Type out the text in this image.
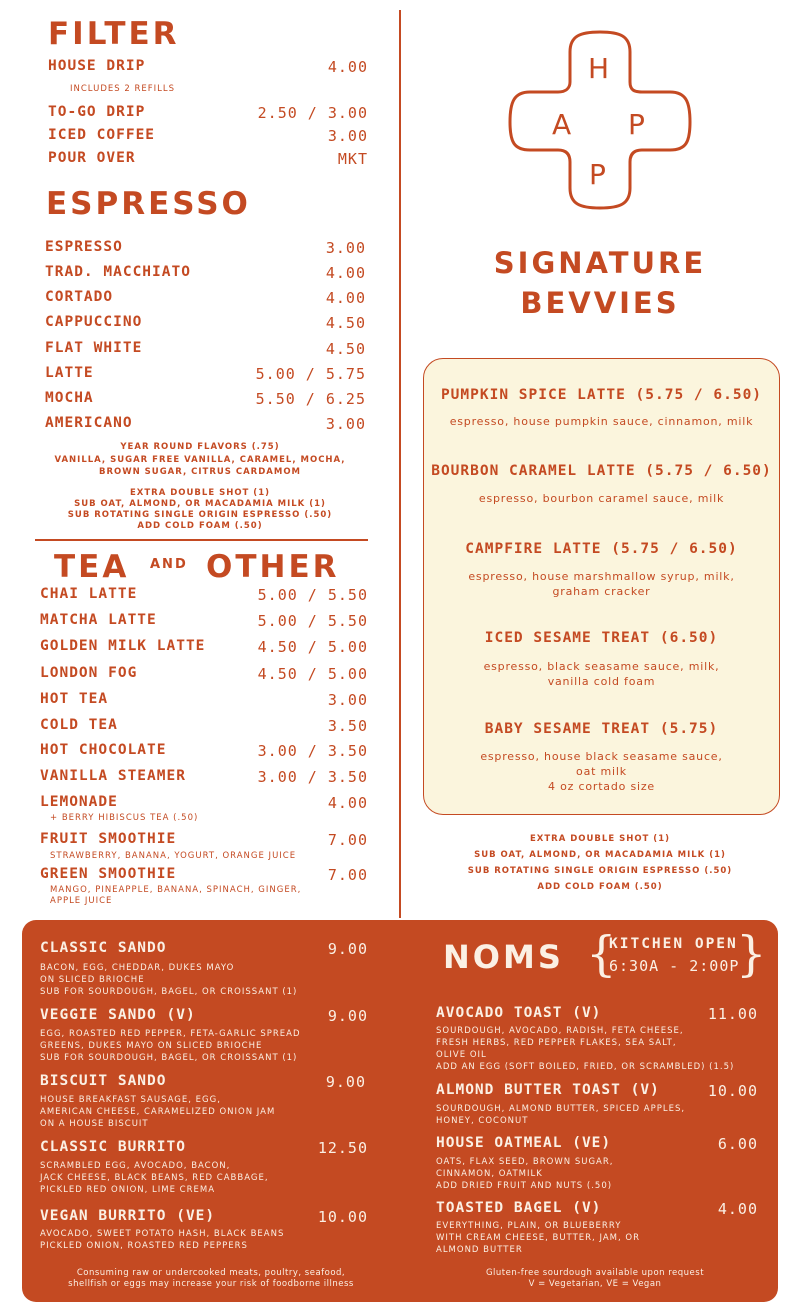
FILTER
HOUSE DRIP	4.00
INCLUDES 2 REFILLS
TO-GO DRIP	2.50 / 3.00
ICED COFFEE	3.00
POUR OVER	MKT
ESPRESSO
ESPRESSO	3.00
TRAD. MACCHIATO	4.00
CORTADO	4.00
CAPPUCCINO	4.50
FLAT WHITE	4.50
LATTE	5.00 / 5.75
MOCHA	5.50 / 6.25
AMERICANO	3.00
YEAR ROUND FLAVORS (.75)
VANILLA, SUGAR FREE VANILLA, CARAMEL, MOCHA,
BROWN SUGAR, CITRUS CARDAMOM
EXTRA DOUBLE SHOT (1)
SUB OAT, ALMOND, OR MACADAMIA MILK (1)
SUB ROTATING SINGLE ORIGIN ESPRESSO (.50)
ADD COLD FOAM (.50)
TEA AND OTHER
CHAI LATTE	5.00 / 5.50
MATCHA LATTE	5.00 / 5.50
GOLDEN MILK LATTE	4.50 / 5.00
LONDON FOG	4.50 / 5.00
HOT TEA	3.00
COLD TEA	3.50
HOT CHOCOLATE	3.00 / 3.50
VANILLA STEAMER	3.00 / 3.50
LEMONADE	4.00
+ BERRY HIBISCUS TEA (.50)
FRUIT SMOOTHIE	7.00
STRAWBERRY, BANANA, YOGURT, ORANGE JUICE
GREEN SMOOTHIE	7.00
MANGO, PINEAPPLE, BANANA, SPINACH, GINGER,
APPLE JUICE
H
A P
P
SIGNATURE
BEVVIES
PUMPKIN SPICE LATTE (5.75 / 6.50)
espresso, house pumpkin sauce, cinnamon, milk
BOURBON CARAMEL LATTE (5.75 / 6.50)
espresso, bourbon caramel sauce, milk
CAMPFIRE LATTE (5.75 / 6.50)
espresso, house marshmallow syrup, milk,
graham cracker
ICED SESAME TREAT (6.50)
espresso, black seasame sauce, milk,
vanilla cold foam
BABY SESAME TREAT (5.75)
espresso, house black seasame sauce,
oat milk
4 oz cortado size
EXTRA DOUBLE SHOT (1)
SUB OAT, ALMOND, OR MACADAMIA MILK (1)
SUB ROTATING SINGLE ORIGIN ESPRESSO (.50)
ADD COLD FOAM (.50)
NOMS {
KITCHEN OPEN
6:30A - 2:00P
}
CLASSIC SANDO	9.00
BACON, EGG, CHEDDAR, DUKES MAYO
ON SLICED BRIOCHE
SUB FOR SOURDOUGH, BAGEL, OR CROISSANT (1)
VEGGIE SANDO (V)	9.00
EGG, ROASTED RED PEPPER, FETA-GARLIC SPREAD
GREENS, DUKES MAYO ON SLICED BRIOCHE
SUB FOR SOURDOUGH, BAGEL, OR CROISSANT (1)
BISCUIT SANDO	9.00
HOUSE BREAKFAST SAUSAGE, EGG,
AMERICAN CHEESE, CARAMELIZED ONION JAM
ON A HOUSE BISCUIT
CLASSIC BURRITO	12.50
SCRAMBLED EGG, AVOCADO, BACON,
JACK CHEESE, BLACK BEANS, RED CABBAGE,
PICKLED RED ONION, LIME CREMA
VEGAN BURRITO (VE)	10.00
AVOCADO, SWEET POTATO HASH, BLACK BEANS
PICKLED ONION, ROASTED RED PEPPERS
AVOCADO TOAST (V)	11.00
SOURDOUGH, AVOCADO, RADISH, FETA CHEESE,
FRESH HERBS, RED PEPPER FLAKES, SEA SALT,
OLIVE OIL
ADD AN EGG (SOFT BOILED, FRIED, OR SCRAMBLED) (1.5)
ALMOND BUTTER TOAST (V)	10.00
SOURDOUGH, ALMOND BUTTER, SPICED APPLES,
HONEY, COCONUT
HOUSE OATMEAL (VE)	6.00
OATS, FLAX SEED, BROWN SUGAR,
CINNAMON, OATMILK
ADD DRIED FRUIT AND NUTS (.50)
TOASTED BAGEL (V)	4.00
EVERYTHING, PLAIN, OR BLUEBERRY
WITH CREAM CHEESE, BUTTER, JAM, OR
ALMOND BUTTER
Consuming raw or undercooked meats, poultry, seafood,
shellfish or eggs may increase your risk of foodborne illness
Gluten-free sourdough available upon request
V = Vegetarian, VE = Vegan
